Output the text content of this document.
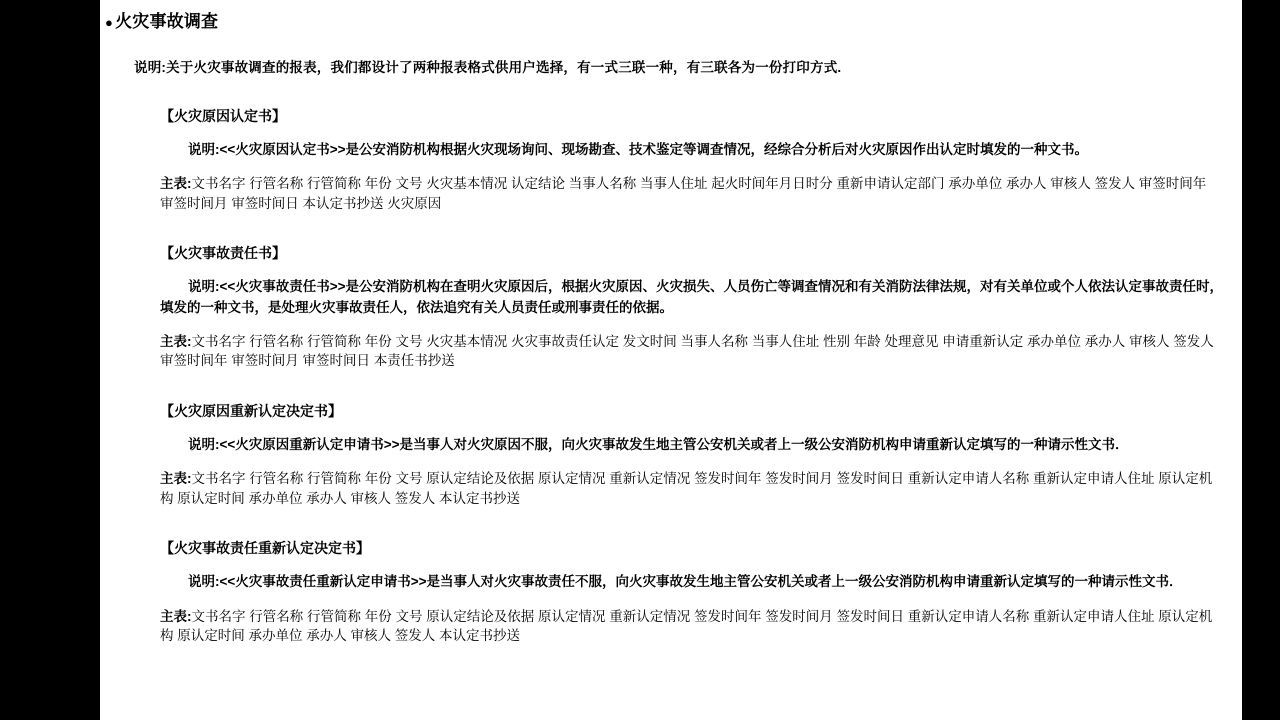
● 火灾事故调查
说明:关于火灾事故调查的报表，我们都设计了两种报表格式供用户选择，有一式三联一种，有三联各为一份打印方式.
【火灾原因认定书】
说明:<<火灾原因认定书>>是公安消防机构根据火灾现场询问、现场勘查、技术鉴定等调查情况，经综合分析后对火灾原因作出认定时填发的一种文书。
主表:文书名字 行管名称 行管简称 年份 文号 火灾基本情况 认定结论 当事人名称 当事人住址 起火时间年月日时分 重新申请认定部门 承办单位 承办人 审核人 签发人 审签时间年 审签时间月 审签时间日 本认定书抄送 火灾原因
【火灾事故责任书】
说明:<<火灾事故责任书>>是公安消防机构在查明火灾原因后，根据火灾原因、火灾损失、人员伤亡等调查情况和有关消防法律法规，对有关单位或个人依法认定事故责任时，填发的一种文书，是处理火灾事故责任人，依法追究有关人员责任或刑事责任的依据。
主表:文书名字 行管名称 行管简称 年份 文号 火灾基本情况 火灾事故责任认定 发文时间 当事人名称 当事人住址 性别 年龄 处理意见 申请重新认定 承办单位 承办人 审核人 签发人 审签时间年 审签时间月 审签时间日 本责任书抄送
【火灾原因重新认定决定书】
说明:<<火灾原因重新认定申请书>>是当事人对火灾原因不服，向火灾事故发生地主管公安机关或者上一级公安消防机构申请重新认定填写的一种请示性文书．
主表:文书名字 行管名称 行管简称 年份 文号 原认定结论及依据 原认定情况 重新认定情况 签发时间年 签发时间月 签发时间日 重新认定申请人名称 重新认定申请人住址 原认定机构 原认定时间 承办单位 承办人 审核人 签发人 本认定书抄送
【火灾事故责任重新认定决定书】
说明:<<火灾事故责任重新认定申请书>>是当事人对火灾事故责任不服，向火灾事故发生地主管公安机关或者上一级公安消防机构申请重新认定填写的一种请示性文书．
主表:文书名字 行管名称 行管简称 年份 文号 原认定结论及依据 原认定情况 重新认定情况 签发时间年 签发时间月 签发时间日 重新认定申请人名称 重新认定申请人住址 原认定机构 原认定时间 承办单位 承办人 审核人 签发人 本认定书抄送
